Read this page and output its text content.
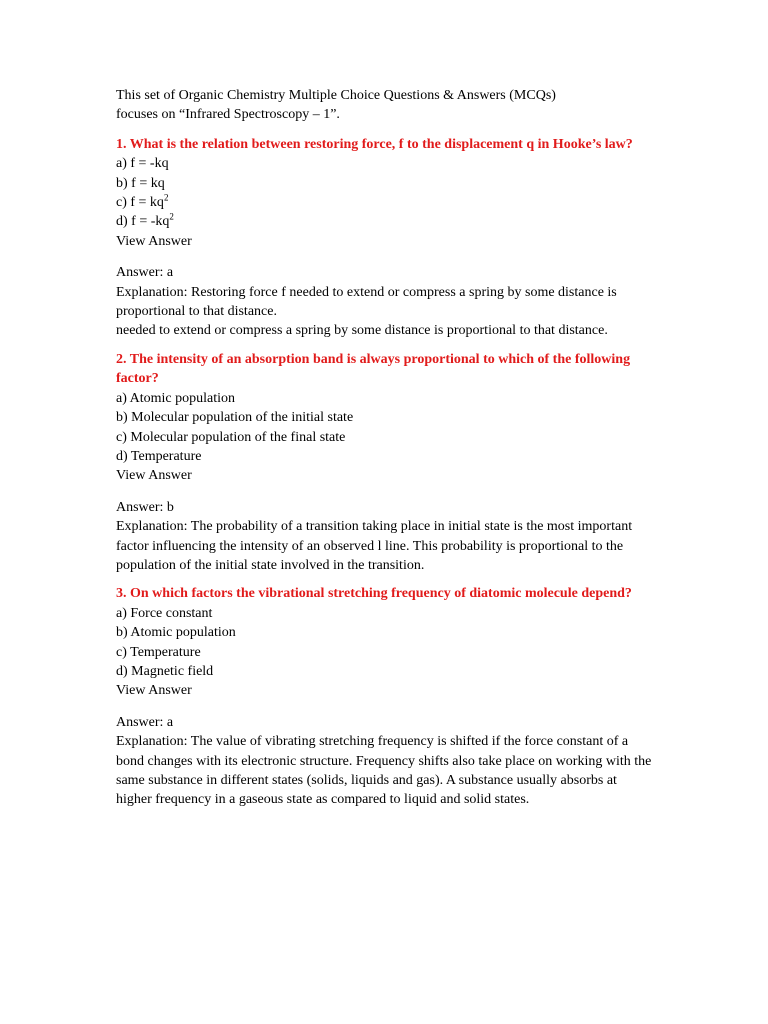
This set of Organic Chemistry Multiple Choice Questions & Answers (MCQs)
focuses on “Infrared Spectroscopy – 1”.

1. What is the relation between restoring force, f to the displacement q in Hooke’s law?

a) f = -kq

b) f = kq

c) $f = kq^2$

d) $f = -kq^2$

View Answer

Answer: a

Explanation: Restoring force f needed to extend or compress a spring by some distance is proportional to that distance.

needed to extend or compress a spring by some distance is proportional to that distance.

2. The intensity of an absorption band is always proportional to which of the following factor?

a) Atomic population

b) Molecular population of the initial state

c) Molecular population of the final state

d) Temperature

View Answer

Answer: b

Explanation: The probability of a transition taking place in initial state is the most important factor influencing the intensity of an observed l line. This probability is proportional to the population of the initial state involved in the transition.

3. On which factors the vibrational stretching frequency of diatomic molecule depend?

a) Force constant

b) Atomic population

c) Temperature

d) Magnetic field

View Answer

Answer: a

Explanation: The value of vibrating stretching frequency is shifted if the force constant of a bond changes with its electronic structure. Frequency shifts also take place on working with the same substance in different states (solids, liquids and gas). A substance usually absorbs at higher frequency in a gaseous state as compared to liquid and solid states.
